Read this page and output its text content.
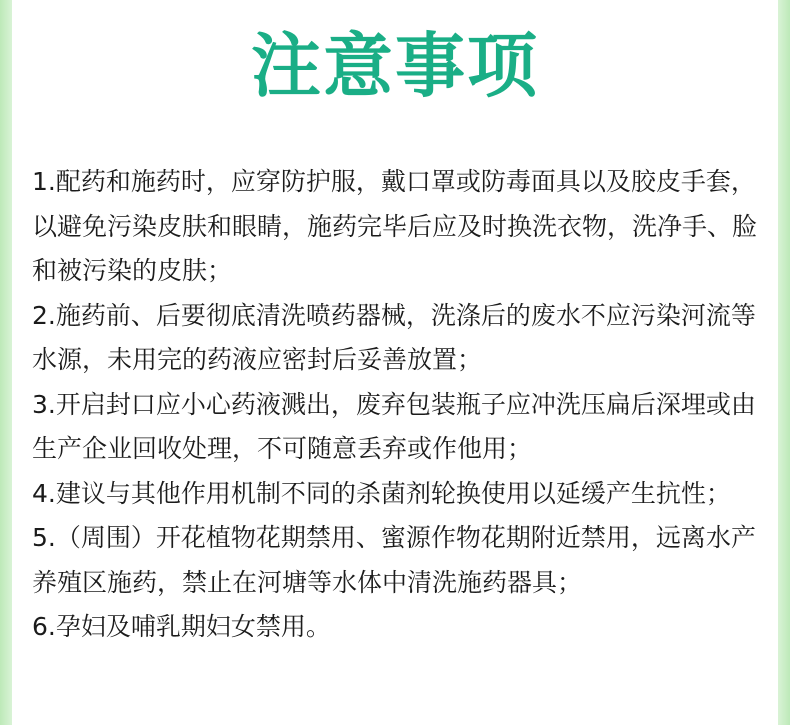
注意事项
1.配药和施药时，应穿防护服，戴口罩或防毒面具以及胶皮手套，以避免污染皮肤和眼睛，施药完毕后应及时换洗衣物，洗净手、脸和被污染的皮肤；
2.施药前、后要彻底清洗喷药器械，洗涤后的废水不应污染河流等水源，未用完的药液应密封后妥善放置；
3.开启封口应小心药液溅出，废弃包装瓶子应冲洗压扁后深埋或由生产企业回收处理，不可随意丢弃或作他用；
4.建议与其他作用机制不同的杀菌剂轮换使用以延缓产生抗性；
5.（周围）开花植物花期禁用、蜜源作物花期附近禁用，远离水产养殖区施药，禁止在河塘等水体中清洗施药器具；
6.孕妇及哺乳期妇女禁用。
